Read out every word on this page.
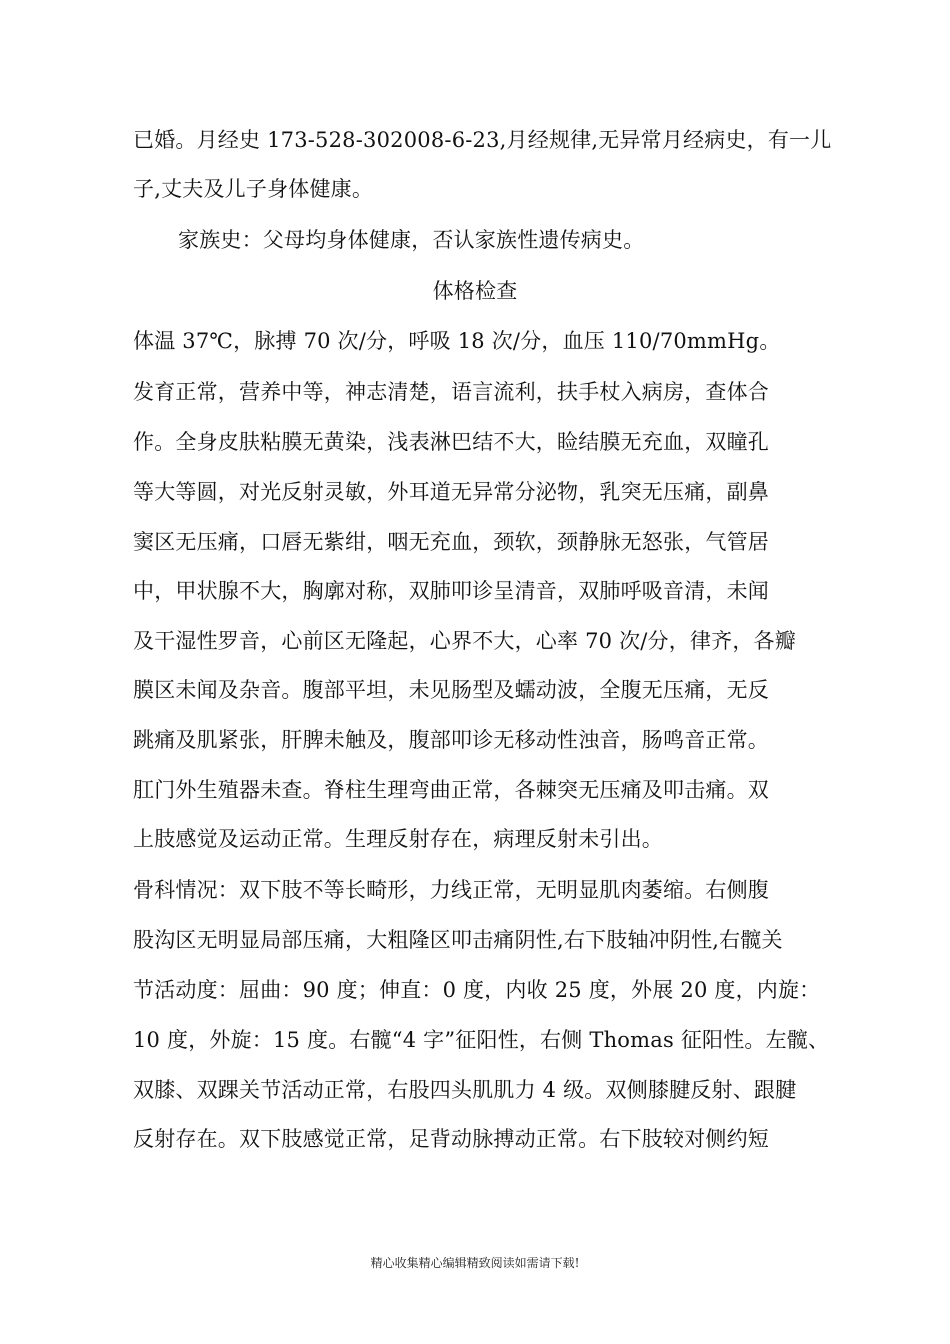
已婚。月经史 173-528-302008-6-23,月经规律,无异常月经病史，有一儿
子,丈夫及儿子身体健康。
家族史：父母均身体健康，否认家族性遗传病史。
体格检查
体温 37℃，脉搏 70 次/分，呼吸 18 次/分，血压 110/70mmHg。
发育正常，营养中等，神志清楚，语言流利，扶手杖入病房，查体合
作。全身皮肤粘膜无黄染，浅表淋巴结不大，睑结膜无充血，双瞳孔
等大等圆，对光反射灵敏，外耳道无异常分泌物，乳突无压痛，副鼻
窦区无压痛，口唇无紫绀，咽无充血，颈软，颈静脉无怒张，气管居
中，甲状腺不大，胸廓对称，双肺叩诊呈清音，双肺呼吸音清，未闻
及干湿性罗音，心前区无隆起，心界不大，心率 70 次/分，律齐，各瓣
膜区未闻及杂音。腹部平坦，未见肠型及蠕动波，全腹无压痛，无反
跳痛及肌紧张，肝脾未触及，腹部叩诊无移动性浊音，肠鸣音正常。
肛门外生殖器未查。脊柱生理弯曲正常，各棘突无压痛及叩击痛。双
上肢感觉及运动正常。生理反射存在，病理反射未引出。
骨科情况：双下肢不等长畸形，力线正常，无明显肌肉萎缩。右侧腹
股沟区无明显局部压痛，大粗隆区叩击痛阴性,右下肢轴冲阴性,右髋关
节活动度：屈曲：90 度；伸直：0 度，内收 25 度，外展 20 度，内旋：
10 度，外旋：15 度。右髋“4 字”征阳性，右侧 Thomas 征阳性。左髋、
双膝、双踝关节活动正常，右股四头肌肌力 4 级。双侧膝腱反射、跟腱
反射存在。双下肢感觉正常，足背动脉搏动正常。右下肢较对侧约短
精心收集精心编辑精致阅读如需请下载!
